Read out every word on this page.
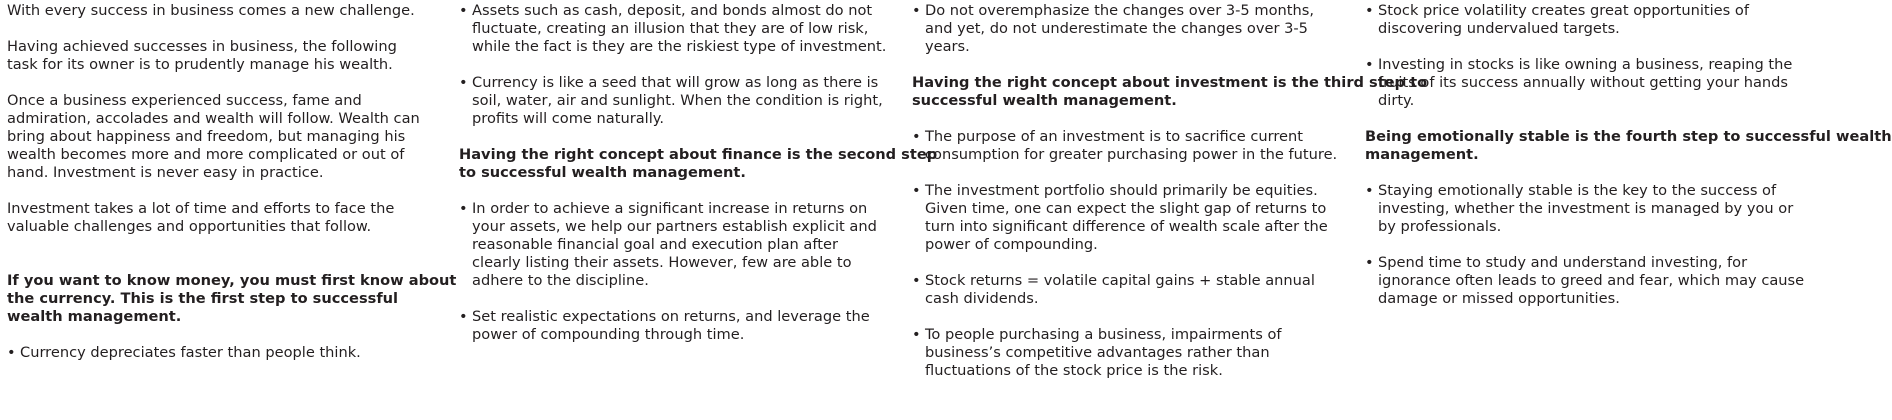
With every success in business comes a new challenge.

Having achieved successes in business, the following task for its owner is to prudently manage his wealth.

Once a business experienced success, fame and admiration, accolades and wealth will follow. Wealth can bring about happiness and freedom, but managing his wealth becomes more and more complicated or out of hand. Investment is never easy in practice.

Investment takes a lot of time and efforts to face the valuable challenges and opportunities that follow.

If you want to know money, you must first know about
the currency. This is the first step to successful
wealth management.
• Currency depreciates faster than people think.
• Assets such as cash, deposit, and bonds almost do not fluctuate, creating an illusion that they are of low risk, while the fact is they are the riskiest type of investment.
• Currency is like a seed that will grow as long as there is soil, water, air and sunlight. When the condition is right, profits will come naturally.
Having the right concept about finance is the second step
to successful wealth management.
• In order to achieve a significant increase in returns on your assets, we help our partners establish explicit and reasonable financial goal and execution plan after clearly listing their assets. However, few are able to adhere to the discipline.
• Set realistic expectations on returns, and leverage the power of compounding through time.
• Do not overemphasize the changes over 3-5 months, and yet, do not underestimate the changes over 3-5 years.
Having the right concept about investment is the third step to
successful wealth management.
• The purpose of an investment is to sacrifice current consumption for greater purchasing power in the future.
• The investment portfolio should primarily be equities. Given time, one can expect the slight gap of returns to turn into significant difference of wealth scale after the power of compounding.
• Stock returns = volatile capital gains + stable annual cash dividends.
• To people purchasing a business, impairments of business’s competitive advantages rather than fluctuations of the stock price is the risk.
• Stock price volatility creates great opportunities of discovering undervalued targets.
• Investing in stocks is like owning a business, reaping the fruits of its success annually without getting your hands dirty.
Being emotionally stable is the fourth step to successful wealth
management.
• Staying emotionally stable is the key to the success of investing, whether the investment is managed by you or by professionals.
• Spend time to study and understand investing, for ignorance often leads to greed and fear, which may cause damage or missed opportunities.
